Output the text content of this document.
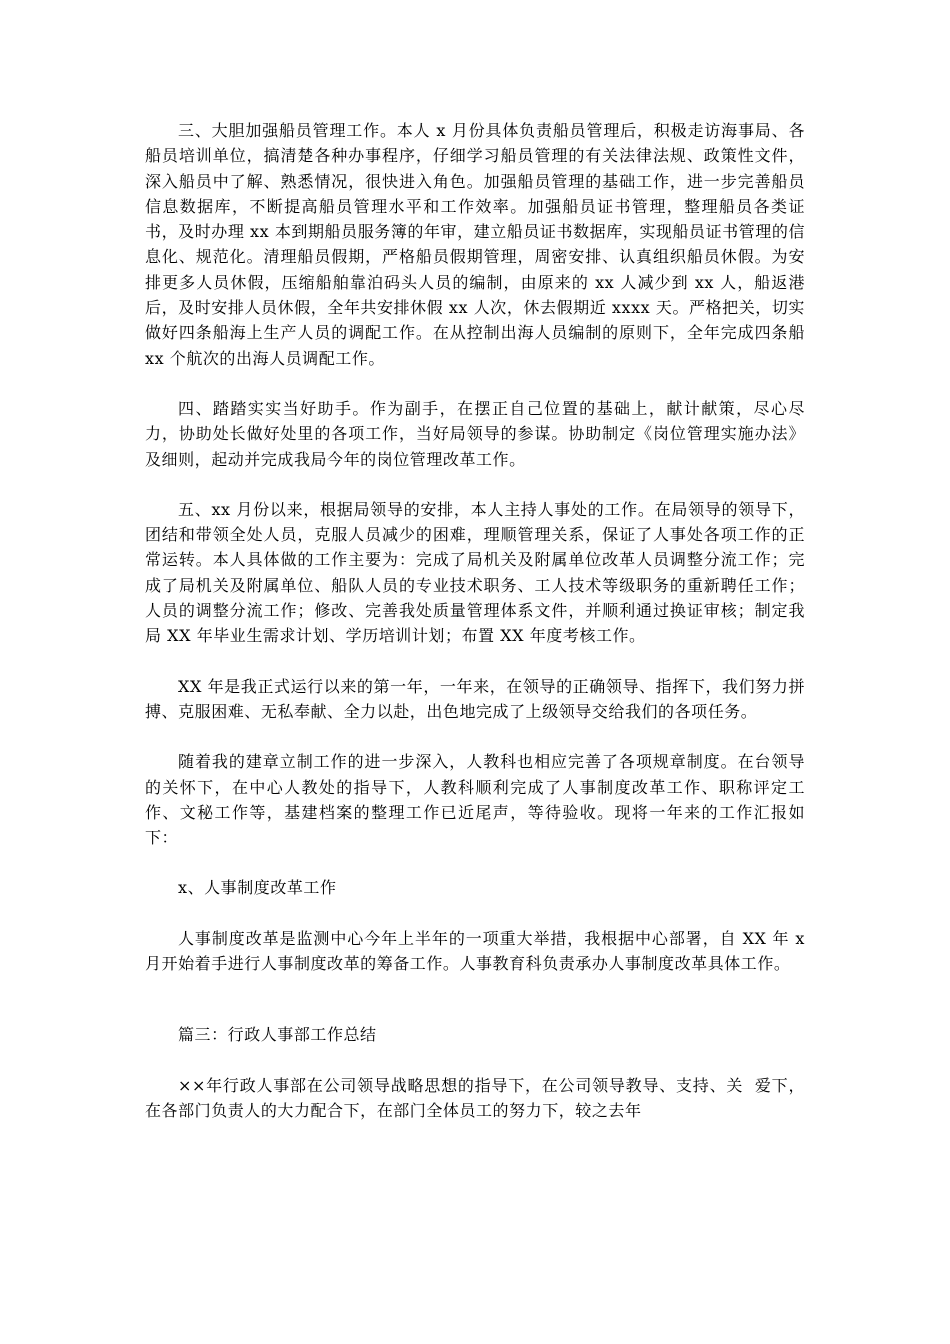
三、大胆加强船员管理工作。本人 x 月份具体负责船员管理后，积极走访海事局、各船员培训单位，搞清楚各种办事程序，仔细学习船员管理的有关法律法规、政策性文件，深入船员中了解、熟悉情况，很快进入角色。加强船员管理的基础工作，进一步完善船员信息数据库，不断提高船员管理水平和工作效率。加强船员证书管理，整理船员各类证书，及时办理 xx 本到期船员服务簿的年审，建立船员证书数据库，实现船员证书管理的信息化、规范化。清理船员假期，严格船员假期管理，周密安排、认真组织船员休假。为安排更多人员休假，压缩船舶靠泊码头人员的编制，由原来的 xx 人减少到 xx 人，船返港后，及时安排人员休假，全年共安排休假 xx 人次，休去假期近 xxxx 天。严格把关，切实做好四条船海上生产人员的调配工作。在从控制出海人员编制的原则下，全年完成四条船 xx 个航次的出海人员调配工作。

四、踏踏实实当好助手。作为副手，在摆正自己位置的基础上，献计献策，尽心尽力，协助处长做好处里的各项工作，当好局领导的参谋。协助制定《岗位管理实施办法》及细则，起动并完成我局今年的岗位管理改革工作。

五、xx 月份以来，根据局领导的安排，本人主持人事处的工作。在局领导的领导下，团结和带领全处人员，克服人员减少的困难，理顺管理关系，保证了人事处各项工作的正常运转。本人具体做的工作主要为：完成了局机关及附属单位改革人员调整分流工作；完成了局机关及附属单位、船队人员的专业技术职务、工人技术等级职务的重新聘任工作；人员的调整分流工作；修改、完善我处质量管理体系文件，并顺利通过换证审核；制定我局 XX 年毕业生需求计划、学历培训计划；布置 XX 年度考核工作。

XX 年是我正式运行以来的第一年，一年来，在领导的正确领导、指挥下，我们努力拼搏、克服困难、无私奉献、全力以赴，出色地完成了上级领导交给我们的各项任务。

随着我的建章立制工作的进一步深入，人教科也相应完善了各项规章制度。在台领导的关怀下，在中心人教处的指导下，人教科顺利完成了人事制度改革工作、职称评定工作、文秘工作等，基建档案的整理工作已近尾声，等待验收。现将一年来的工作汇报如下：

x、人事制度改革工作

人事制度改革是监测中心今年上半年的一项重大举措，我根据中心部署，自 XX 年 x 月开始着手进行人事制度改革的筹备工作。人事教育科负责承办人事制度改革具体工作。

篇三：行政人事部工作总结

××年行政人事部在公司领导战略思想的指导下，在公司领导教导、支持、关  爱下，在各部门负责人的大力配合下，在部门全体员工的努力下，较之去年
